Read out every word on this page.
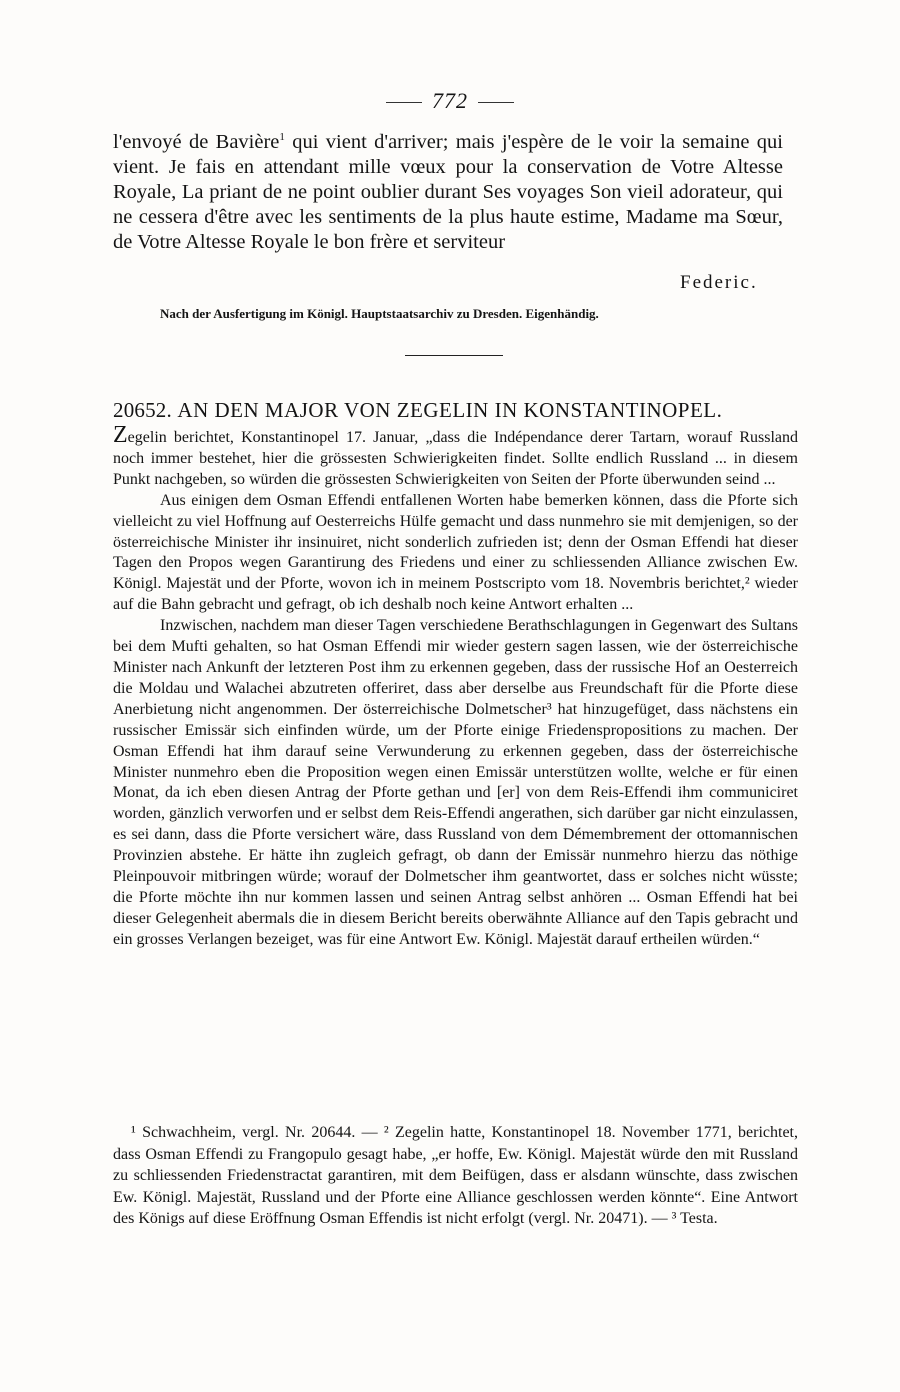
772
l'envoyé de Bavière$^1$ qui vient d'arriver; mais j'espère de le voir la semaine qui vient. Je fais en attendant mille vœux pour la conservation de Votre Altesse Royale, La priant de ne point oublier durant Ses voyages Son vieil adorateur, qui ne cessera d'être avec les sentiments de la plus haute estime, Madame ma Sœur, de Votre Altesse Royale le bon frère et serviteur
Federic.
Nach der Ausfertigung im Königl. Hauptstaatsarchiv zu Dresden. Eigenhändig.
20652. AN DEN MAJOR VON ZEGELIN IN KONSTANTINOPEL.

Zegelin berichtet, Konstantinopel 17. Januar, „dass die Indépendance derer Tartarn, worauf Russland noch immer bestehet, hier die grössesten Schwierigkeiten findet. Sollte endlich Russland ... in diesem Punkt nachgeben, so würden die grössesten Schwierigkeiten von Seiten der Pforte überwunden seind ...

Aus einigen dem Osman Effendi entfallenen Worten habe bemerken können, dass die Pforte sich vielleicht zu viel Hoffnung auf Oesterreichs Hülfe gemacht und dass nunmehro sie mit demjenigen, so der österreichische Minister ihr insinuiret, nicht sonderlich zufrieden ist; denn der Osman Effendi hat dieser Tagen den Propos wegen Garantirung des Friedens und einer zu schliessenden Alliance zwischen Ew. Königl. Majestät und der Pforte, wovon ich in meinem Postscripto vom 18. Novembris berichtet,² wieder auf die Bahn gebracht und gefragt, ob ich deshalb noch keine Antwort erhalten ...

Inzwischen, nachdem man dieser Tagen verschiedene Berathschlagungen in Gegenwart des Sultans bei dem Mufti gehalten, so hat Osman Effendi mir wieder gestern sagen lassen, wie der österreichische Minister nach Ankunft der letzteren Post ihm zu erkennen gegeben, dass der russische Hof an Oesterreich die Moldau und Walachei abzutreten offeriret, dass aber derselbe aus Freundschaft für die Pforte diese Anerbietung nicht angenommen. Der österreichische Dolmetscher³ hat hinzugefüget, dass nächstens ein russischer Emissär sich einfinden würde, um der Pforte einige Friedenspropositions zu machen. Der Osman Effendi hat ihm darauf seine Verwunderung zu erkennen gegeben, dass der österreichische Minister nunmehro eben die Proposition wegen einen Emissär unterstützen wollte, welche er für einen Monat, da ich eben diesen Antrag der Pforte gethan und [er] von dem Reis-Effendi ihm communiciret worden, gänzlich verworfen und er selbst dem Reis-Effendi angerathen, sich darüber gar nicht einzulassen, es sei dann, dass die Pforte versichert wäre, dass Russland von dem Démembrement der ottomannischen Provinzien abstehe. Er hätte ihn zugleich gefragt, ob dann der Emissär nunmehro hierzu das nöthige Pleinpouvoir mitbringen würde; worauf der Dolmetscher ihm geantwortet, dass er solches nicht wüsste; die Pforte möchte ihn nur kommen lassen und seinen Antrag selbst anhören ... Osman Effendi hat bei dieser Gelegenheit abermals die in diesem Bericht bereits oberwähnte Alliance auf den Tapis gebracht und ein grosses Verlangen bezeiget, was für eine Antwort Ew. Königl. Majestät darauf ertheilen würden.“

¹ Schwachheim, vergl. Nr. 20644. — ² Zegelin hatte, Konstantinopel 18. November 1771, berichtet, dass Osman Effendi zu Frangopulo gesagt habe, „er hoffe, Ew. Königl. Majestät würde den mit Russland zu schliessenden Friedenstractat garantiren, mit dem Beifügen, dass er alsdann wünschte, dass zwischen Ew. Königl. Majestät, Russland und der Pforte eine Alliance geschlossen werden könnte“. Eine Antwort des Königs auf diese Eröffnung Osman Effendis ist nicht erfolgt (vergl. Nr. 20471). — ³ Testa.
